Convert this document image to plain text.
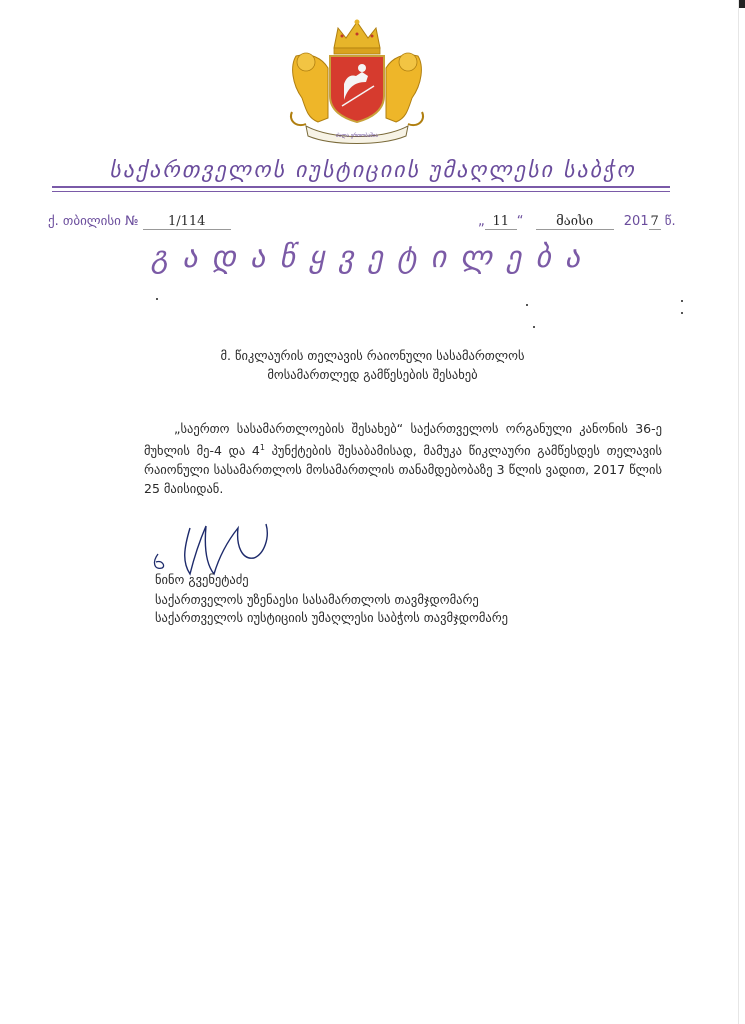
ძალა ერთობაშია
საქართველოს იუსტიციის უმაღლესი საბჭო
ქ. თბილისი № 1/114	„ 11 “	მაისი 201 7 წ.
გადაწყვეტილება
მ. წიკლაურის თელავის რაიონული სასამართლოს
მოსამართლედ გამწესების შესახებ

„საერთო სასამართლოების შესახებ“ საქართველოს ორგანული კანონის 36-ე მუხლის მე-4 და $4^1$ პუნქტების შესაბამისად, მამუკა წიკლაური გამწესდეს თელავის რაიონული სასამართლოს მოსამართლის თანამდებობაზე 3 წლის ვადით, 2017 წლის 25 მაისიდან.

ნინო გვენეტაძე
საქართველოს უზენაესი სასამართლოს თავმჯდომარე
საქართველოს იუსტიციის უმაღლესი საბჭოს თავმჯდომარე
